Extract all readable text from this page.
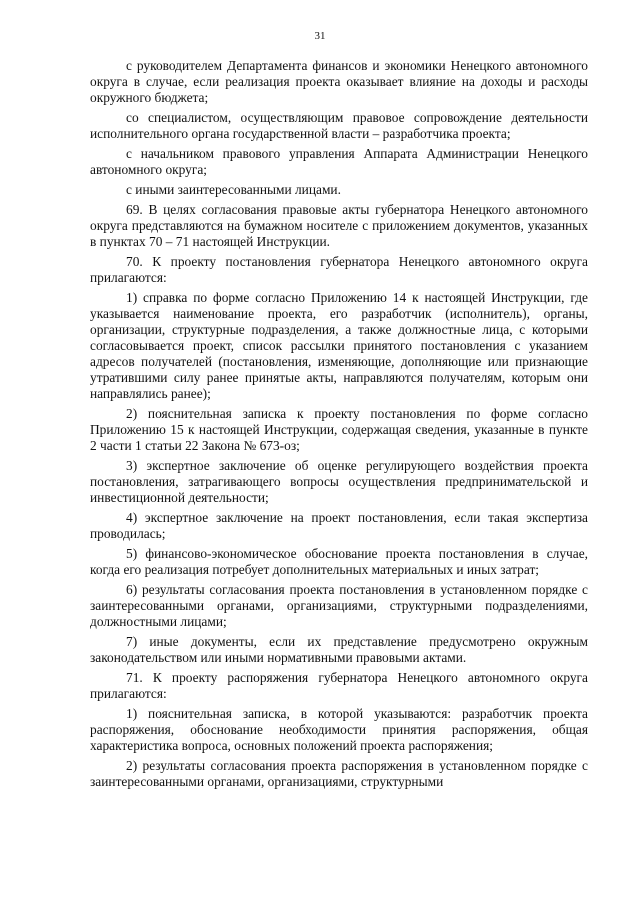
31

с руководителем Департамента финансов и экономики Ненецкого автономного округа в случае, если реализация проекта оказывает влияние на доходы и расходы окружного бюджета;

со специалистом, осуществляющим правовое сопровождение деятельности исполнительного органа государственной власти – разработчика проекта;

с начальником правового управления Аппарата Администрации Ненецкого автономного округа;

с иными заинтересованными лицами.

69. В целях согласования правовые акты губернатора Ненецкого автономного округа представляются на бумажном носителе с приложением документов, указанных в пунктах 70 – 71 настоящей Инструкции.

70. К проекту постановления губернатора Ненецкого автономного округа прилагаются:

1) справка по форме согласно Приложению 14 к настоящей Инструкции, где указывается наименование проекта, его разработчик (исполнитель), органы, организации, структурные подразделения, а также должностные лица, с которыми согласовывается проект, список рассылки принятого постановления с указанием адресов получателей (постановления, изменяющие, дополняющие или признающие утратившими силу ранее принятые акты, направляются получателям, которым они направлялись ранее);

2) пояснительная записка к проекту постановления по форме согласно Приложению 15 к настоящей Инструкции, содержащая сведения, указанные в пункте 2 части 1 статьи 22 Закона № 673-оз;

3) экспертное заключение об оценке регулирующего воздействия проекта постановления, затрагивающего вопросы осуществления предпринимательской и инвестиционной деятельности;

4) экспертное заключение на проект постановления, если такая экспертиза проводилась;

5) финансово-экономическое обоснование проекта постановления в случае, когда его реализация потребует дополнительных материальных и иных затрат;

6) результаты согласования проекта постановления в установленном порядке с заинтересованными органами, организациями, структурными подразделениями, должностными лицами;

7) иные документы, если их представление предусмотрено окружным законодательством или иными нормативными правовыми актами.

71. К проекту распоряжения губернатора Ненецкого автономного округа прилагаются:

1) пояснительная записка, в которой указываются: разработчик проекта распоряжения, обоснование необходимости принятия распоряжения, общая характеристика вопроса, основных положений проекта распоряжения;

2) результаты согласования проекта распоряжения в установленном порядке с заинтересованными органами, организациями, структурными
